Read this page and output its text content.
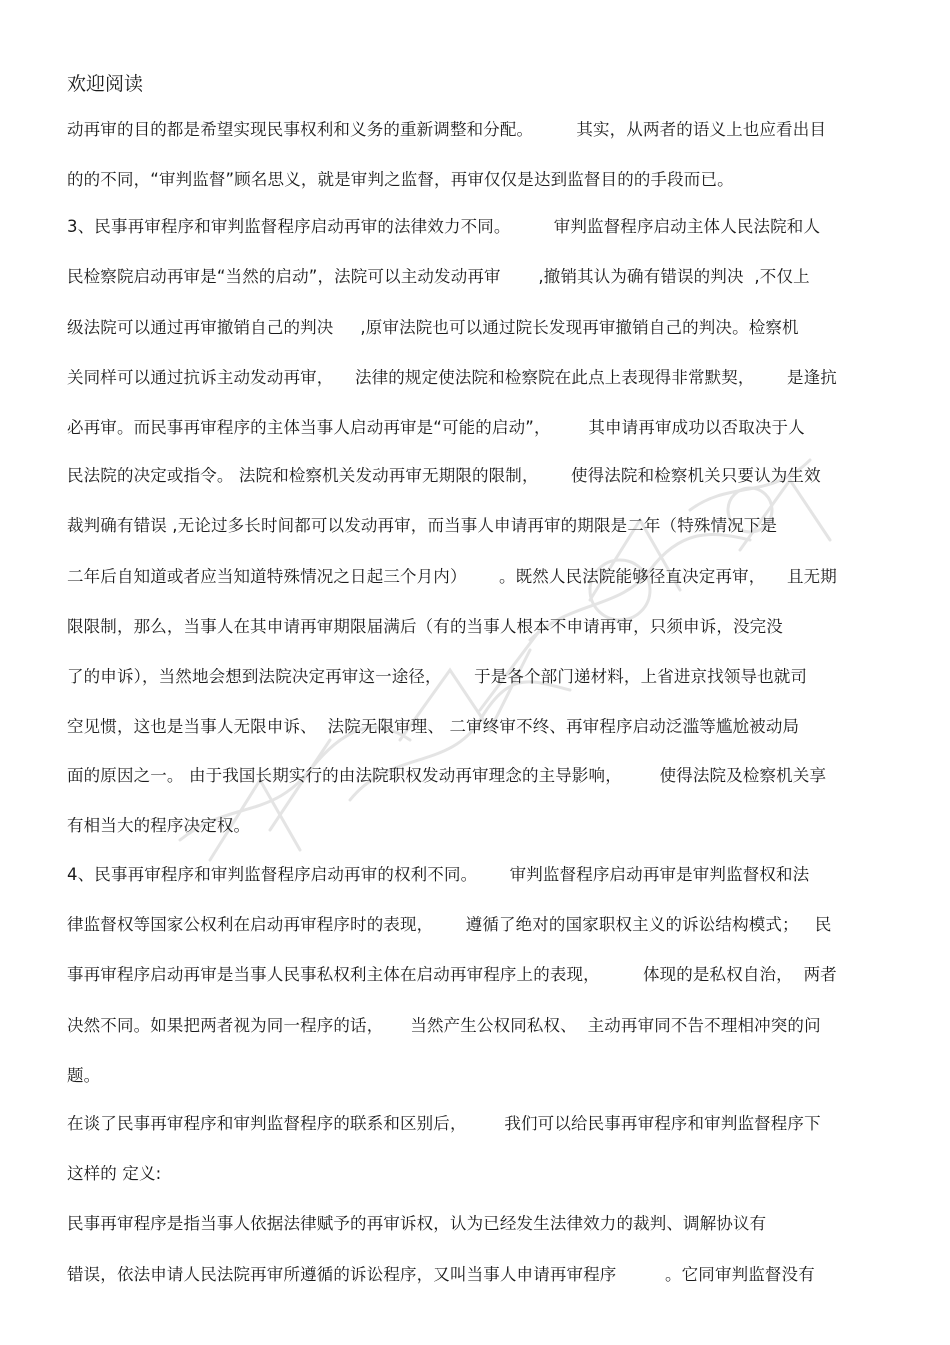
欢迎阅读
动再审的目的都是希望实现民事权利和义务的重新调整和分配。        其实，从两者的语义上也应看出目
的的不同，“审判监督”顾名思义，就是审判之监督，再审仅仅是达到监督目的的手段而已。
3、民事再审程序和审判监督程序启动再审的法律效力不同。        审判监督程序启动主体人民法院和人
民检察院启动再审是“当然的启动”，法院可以主动发动再审       ,撤销其认为确有错误的判决  ,不仅上
级法院可以通过再审撤销自己的判决     ,原审法院也可以通过院长发现再审撤销自己的判决。检察机
关同样可以通过抗诉主动发动再审，    法律的规定使法院和检察院在此点上表现得非常默契，      是逢抗
必再审。而民事再审程序的主体当事人启动再审是“可能的启动”，       其申请再审成功以否取决于人
民法院的决定或指令。 法院和检察机关发动再审无期限的限制，      使得法院和检察机关只要认为生效
裁判确有错误 ,无论过多长时间都可以发动再审，而当事人申请再审的期限是二年（特殊情况下是
二年后自知道或者应当知道特殊情况之日起三个月内）      。既然人民法院能够径直决定再审，    且无期
限限制，那么，当事人在其申请再审期限届满后（有的当事人根本不申请再审，只须申诉，没完没
了的申诉），当然地会想到法院决定再审这一途径，      于是各个部门递材料，上省进京找领导也就司
空见惯，这也是当事人无限申诉、  法院无限审理、 二审终审不终、再审程序启动泛滥等尴尬被动局
面的原因之一。 由于我国长期实行的由法院职权发动再审理念的主导影响，       使得法院及检察机关享
有相当大的程序决定权。
4、民事再审程序和审判监督程序启动再审的权利不同。      审判监督程序启动再审是审判监督权和法
律监督权等国家公权利在启动再审程序时的表现，      遵循了绝对的国家职权主义的诉讼结构模式；   民
事再审程序启动再审是当事人民事私权利主体在启动再审程序上的表现，        体现的是私权自治，  两者
决然不同。如果把两者视为同一程序的话，     当然产生公权同私权、  主动再审同不告不理相冲突的问
题。
在谈了民事再审程序和审判监督程序的联系和区别后，       我们可以给民事再审程序和审判监督程序下
这样的 定义:
民事再审程序是指当事人依据法律赋予的再审诉权，认为已经发生法律效力的裁判、调解协议有
错误，依法申请人民法院再审所遵循的诉讼程序，又叫当事人申请再审程序         。它同审判监督没有
